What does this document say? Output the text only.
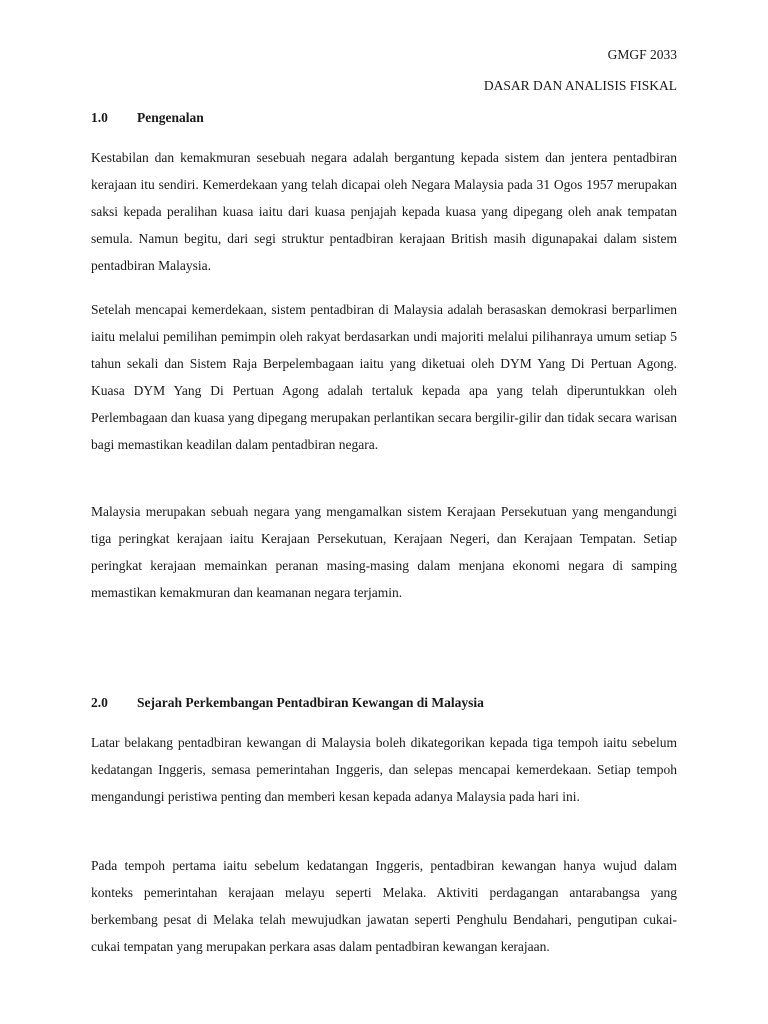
GMGF 2033
DASAR DAN ANALISIS FISKAL
1.0 Pengenalan

Kestabilan dan kemakmuran sesebuah negara adalah bergantung kepada sistem dan jentera pentadbiran kerajaan itu sendiri. Kemerdekaan yang telah dicapai oleh Negara Malaysia pada 31 Ogos 1957 merupakan saksi kepada peralihan kuasa iaitu dari kuasa penjajah kepada kuasa yang dipegang oleh anak tempatan semula. Namun begitu, dari segi struktur pentadbiran kerajaan British masih digunapakai dalam sistem pentadbiran Malaysia.

Setelah mencapai kemerdekaan, sistem pentadbiran di Malaysia adalah berasaskan demokrasi berparlimen iaitu melalui pemilihan pemimpin oleh rakyat berdasarkan undi majoriti melalui pilihanraya umum setiap 5 tahun sekali dan Sistem Raja Berpelembagaan iaitu yang diketuai oleh DYM Yang Di Pertuan Agong. Kuasa DYM Yang Di Pertuan Agong adalah tertaluk kepada apa yang telah diperuntukkan oleh Perlembagaan dan kuasa yang dipegang merupakan perlantikan secara bergilir-gilir dan tidak secara warisan bagi memastikan keadilan dalam pentadbiran negara.

Malaysia merupakan sebuah negara yang mengamalkan sistem Kerajaan Persekutuan yang mengandungi tiga peringkat kerajaan iaitu Kerajaan Persekutuan, Kerajaan Negeri, dan Kerajaan Tempatan. Setiap peringkat kerajaan memainkan peranan masing-masing dalam menjana ekonomi negara di samping memastikan kemakmuran dan keamanan negara terjamin.

2.0 Sejarah Perkembangan Pentadbiran Kewangan di Malaysia

Latar belakang pentadbiran kewangan di Malaysia boleh dikategorikan kepada tiga tempoh iaitu sebelum kedatangan Inggeris, semasa pemerintahan Inggeris, dan selepas mencapai kemerdekaan. Setiap tempoh mengandungi peristiwa penting dan memberi kesan kepada adanya Malaysia pada hari ini.

Pada tempoh pertama iaitu sebelum kedatangan Inggeris, pentadbiran kewangan hanya wujud dalam konteks pemerintahan kerajaan melayu seperti Melaka. Aktiviti perdagangan antarabangsa yang berkembang pesat di Melaka telah mewujudkan jawatan seperti Penghulu Bendahari, pengutipan cukai-cukai tempatan yang merupakan perkara asas dalam pentadbiran kewangan kerajaan.
